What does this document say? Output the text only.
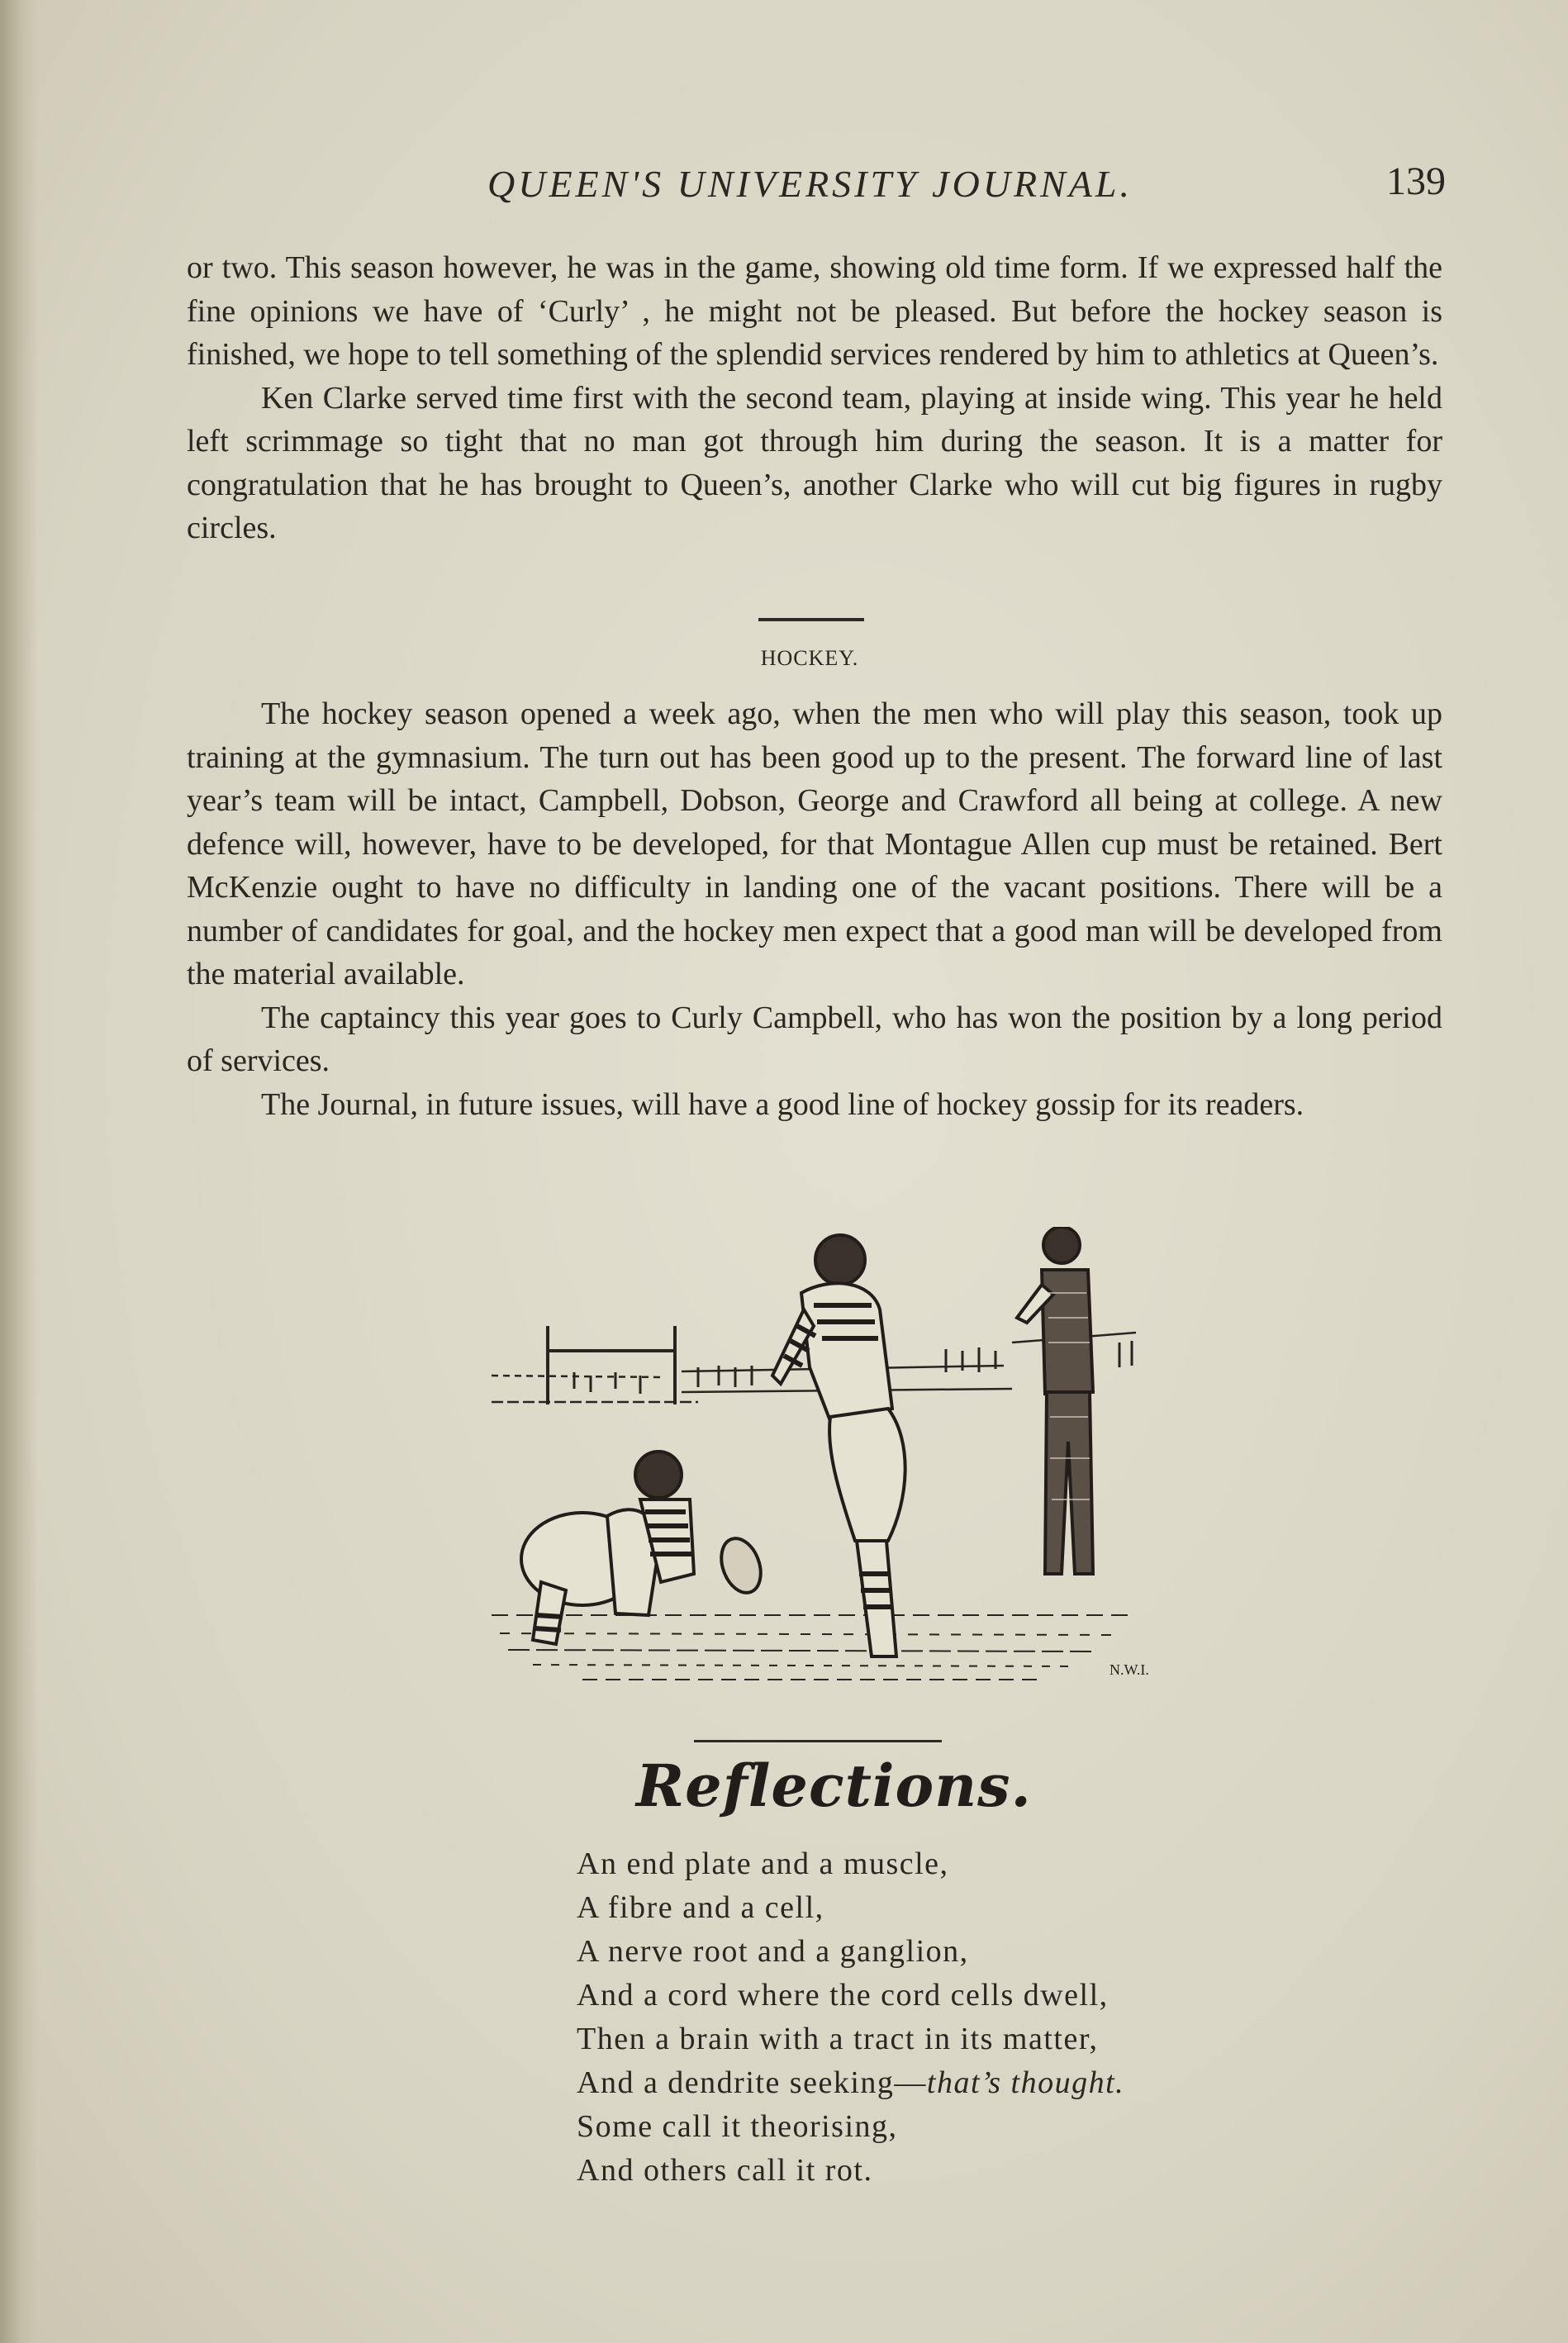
QUEEN'S UNIVERSITY JOURNAL.	139

or two. This season however, he was in the game, showing old time form. If we expressed half the fine opinions we have of ‘Curly’ , he might not be pleased. But before the hockey season is finished, we hope to tell something of the splendid services rendered by him to athletics at Queen’s.

Ken Clarke served time first with the second team, playing at inside wing. This year he held left scrimmage so tight that no man got through him during the season. It is a matter for congratulation that he has brought to Queen’s, another Clarke who will cut big figures in rugby circles.

HOCKEY.

The hockey season opened a week ago, when the men who will play this season, took up training at the gymnasium. The turn out has been good up to the present. The forward line of last year’s team will be intact, Campbell, Dobson, George and Crawford all being at college. A new defence will, however, have to be developed, for that Montague Allen cup must be retained. Bert McKenzie ought to have no difficulty in landing one of the vacant positions. There will be a number of candidates for goal, and the hockey men expect that a good man will be developed from the material available.

The captaincy this year goes to Curly Campbell, who has won the position by a long period of services.

The Journal, in future issues, will have a good line of hockey gossip for its readers.

N.W.I.
Reflections.
An end plate and a muscle,
A fibre and a cell,
A nerve root and a ganglion,
And a cord where the cord cells dwell,
Then a brain with a tract in its matter,
And a dendrite seeking—that’s thought.
Some call it theorising,
And others call it rot.
